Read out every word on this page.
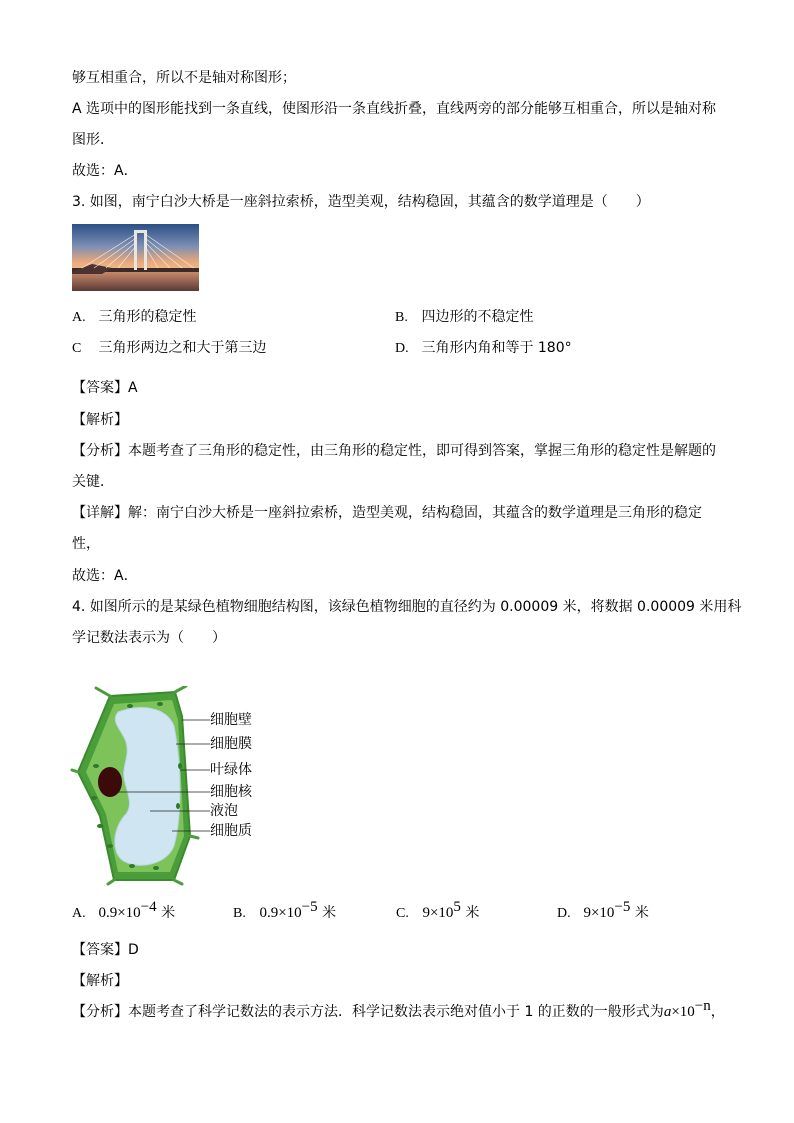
够互相重合，所以不是轴对称图形；
A 选项中的图形能找到一条直线，使图形沿一条直线折叠，直线两旁的部分能够互相重合，所以是轴对称
图形．
故选：A．
3. 如图，南宁白沙大桥是一座斜拉索桥，造型美观，结构稳固，其蕴含的数学道理是（　　）
A. 三角形的稳定性	B. 四边形的不稳定性
C 三角形两边之和大于第三边	D. 三角形内角和等于 180°
【答案】A
【解析】
【分析】本题考查了三角形的稳定性，由三角形的稳定性，即可得到答案，掌握三角形的稳定性是解题的
关键．
【详解】解：南宁白沙大桥是一座斜拉索桥，造型美观，结构稳固，其蕴含的数学道理是三角形的稳定
性，
故选：A．
4. 如图所示的是某绿色植物细胞结构图，该绿色植物细胞的直径约为 0.00009 米，将数据 0.00009 米用科
学记数法表示为（　　）
细胞壁
细胞膜
叶绿体
细胞核
液泡
细胞质
A. $0.9\times 10^{-4}$ 米	B. $0.9\times 10^{-5}$ 米	C. $9\times 10^5$ 米	D. $9\times 10^{-5}$ 米
【答案】D
【解析】
【分析】本题考查了科学记数法的表示方法．科学记数法表示绝对值小于 1 的正数的一般形式为$a\times 10^{-n}$，
